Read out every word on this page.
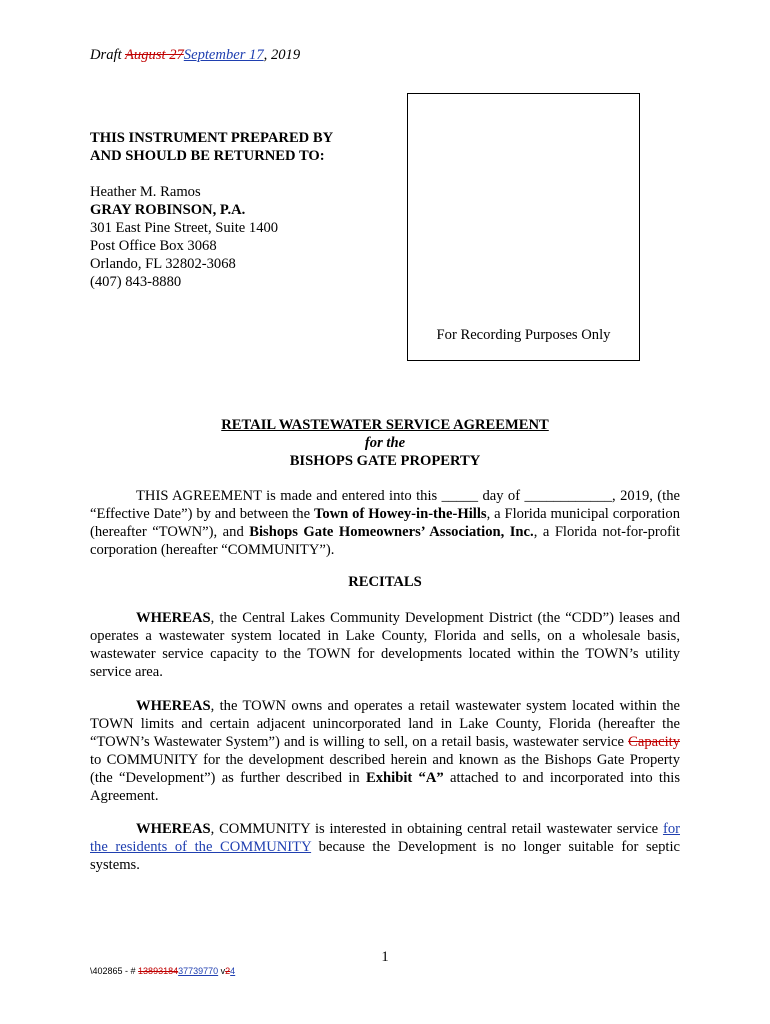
Draft August 27September 17, 2019
For Recording Purposes Only
THIS INSTRUMENT PREPARED BY
AND SHOULD BE RETURNED TO:
Heather M. Ramos
GRAY ROBINSON, P.A.
301 East Pine Street, Suite 1400
Post Office Box 3068
Orlando, FL 32802-3068
(407) 843-8880
RETAIL WASTEWATER SERVICE AGREEMENT
for the
BISHOPS GATE PROPERTY
THIS AGREEMENT is made and entered into this _____ day of ____________, 2019, (the “Effective Date”) by and between the Town of Howey-in-the-Hills, a Florida municipal corporation (hereafter “TOWN”), and Bishops Gate Homeowners’ Association, Inc., a Florida not-for-profit corporation (hereafter “COMMUNITY”).
RECITALS
WHEREAS, the Central Lakes Community Development District (the “CDD”) leases and operates a wastewater system located in Lake County, Florida and sells, on a wholesale basis, wastewater service capacity to the TOWN for developments located within the TOWN’s utility service area.
WHEREAS, the TOWN owns and operates a retail wastewater system located within the TOWN limits and certain adjacent unincorporated land in Lake County, Florida (hereafter the “TOWN’s Wastewater System”) and is willing to sell, on a retail basis, wastewater service Capacity to COMMUNITY for the development described herein and known as the Bishops Gate Property (the “Development”) as further described in Exhibit “A” attached to and incorporated into this Agreement.
WHEREAS, COMMUNITY is interested in obtaining central retail wastewater service for the residents of the COMMUNITY because the Development is no longer suitable for septic systems.
1
\402865 - # 1389318437739770 v24
